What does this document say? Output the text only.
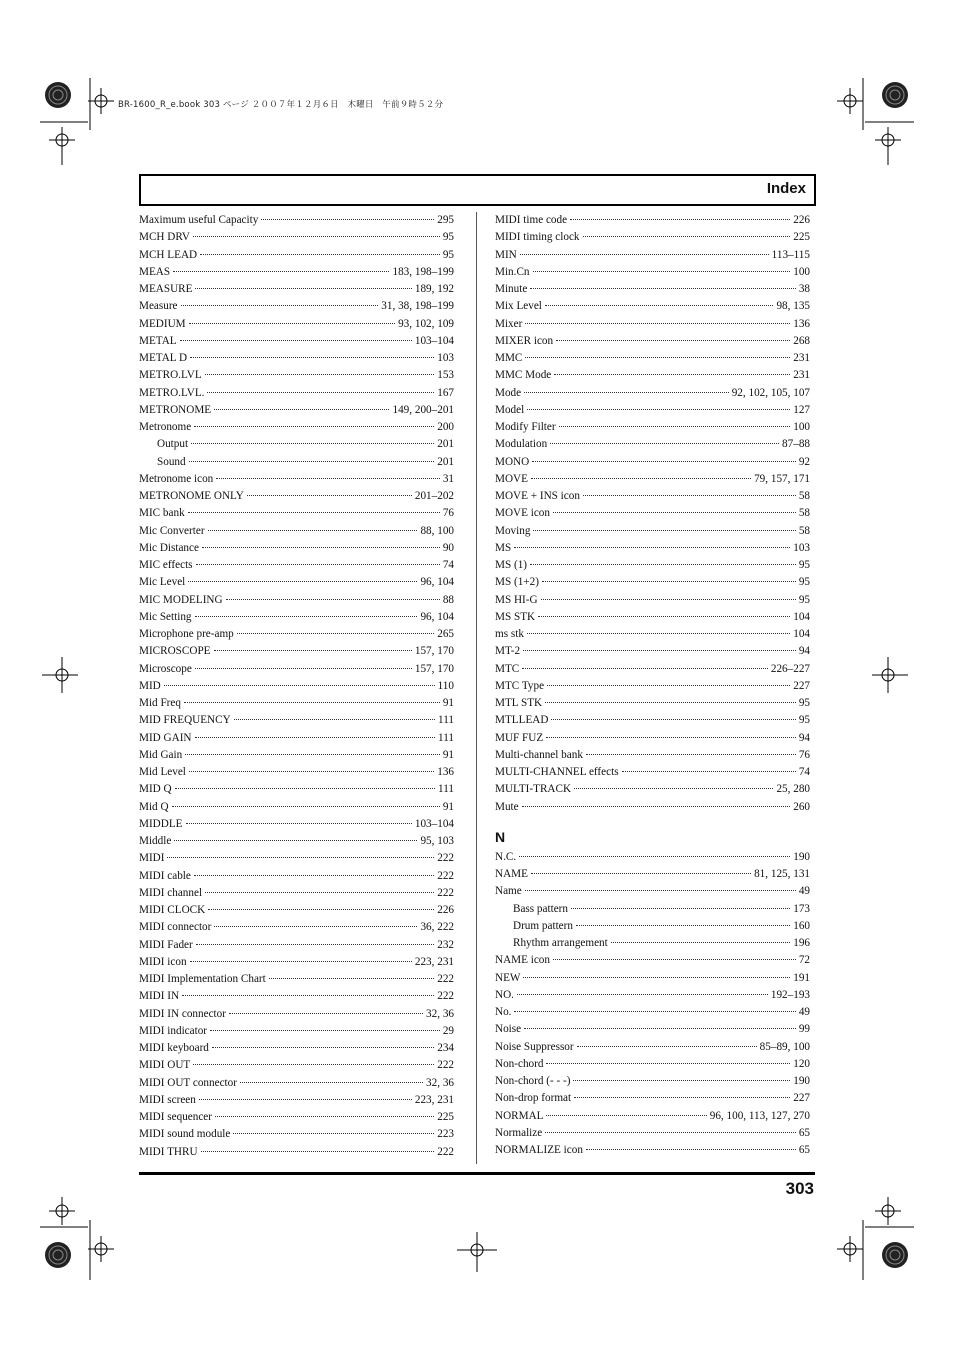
BR-1600_R_e.book 303 ページ ２００７年１２月６日　木曜日　午前９時５２分
Index
Maximum useful Capacity	295
MCH DRV	95
MCH LEAD	95
MEAS	183, 198–199
MEASURE	189, 192
Measure	31, 38, 198–199
MEDIUM	93, 102, 109
METAL	103–104
METAL D	103
METRO.LVL	153
METRO.LVL.	167
METRONOME	149, 200–201
Metronome	200
Output	201
Sound	201
Metronome icon	31
METRONOME ONLY	201–202
MIC bank	76
Mic Converter	88, 100
Mic Distance	90
MIC effects	74
Mic Level	96, 104
MIC MODELING	88
Mic Setting	96, 104
Microphone pre-amp	265
MICROSCOPE	157, 170
Microscope	157, 170
MID	110
Mid Freq	91
MID FREQUENCY	111
MID GAIN	111
Mid Gain	91
Mid Level	136
MID Q	111
Mid Q	91
MIDDLE	103–104
Middle	95, 103
MIDI	222
MIDI cable	222
MIDI channel	222
MIDI CLOCK	226
MIDI connector	36, 222
MIDI Fader	232
MIDI icon	223, 231
MIDI Implementation Chart	222
MIDI IN	222
MIDI IN connector	32, 36
MIDI indicator	29
MIDI keyboard	234
MIDI OUT	222
MIDI OUT connector	32, 36
MIDI screen	223, 231
MIDI sequencer	225
MIDI sound module	223
MIDI THRU	222
MIDI time code	226
MIDI timing clock	225
MIN	113–115
Min.Cn	100
Minute	38
Mix Level	98, 135
Mixer	136
MIXER icon	268
MMC	231
MMC Mode	231
Mode	92, 102, 105, 107
Model	127
Modify Filter	100
Modulation	87–88
MONO	92
MOVE	79, 157, 171
MOVE + INS icon	58
MOVE icon	58
Moving	58
MS	103
MS (1)	95
MS (1+2)	95
MS HI-G	95
MS STK	104
ms stk	104
MT-2	94
MTC	226–227
MTC Type	227
MTL STK	95
MTLLEAD	95
MUF FUZ	94
Multi-channel bank	76
MULTI-CHANNEL effects	74
MULTI-TRACK	25, 280
Mute	260
N
N.C.	190
NAME	81, 125, 131
Name	49
Bass pattern	173
Drum pattern	160
Rhythm arrangement	196
NAME icon	72
NEW	191
NO.	192–193
No.	49
Noise	99
Noise Suppressor	85–89, 100
Non-chord	120
Non-chord (- - -)	190
Non-drop format	227
NORMAL	96, 100, 113, 127, 270
Normalize	65
NORMALIZE icon	65
303
